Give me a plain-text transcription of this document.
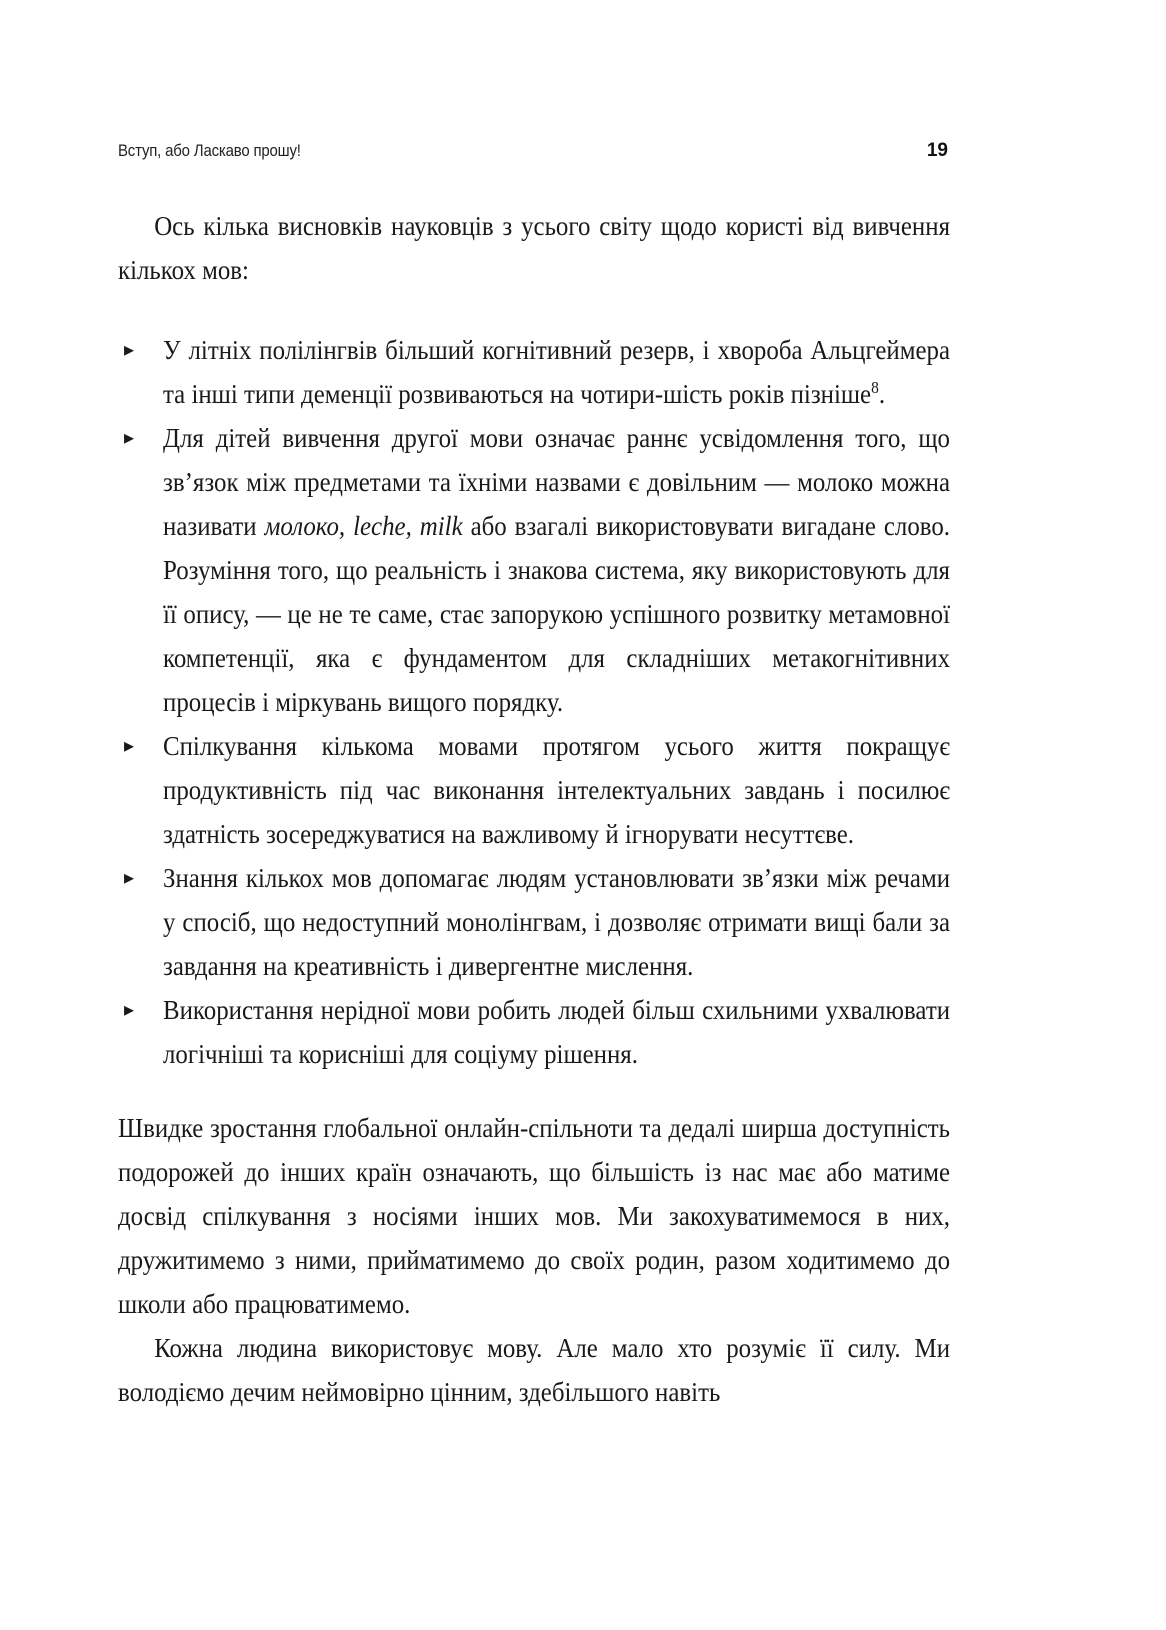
Вступ, або Ласкаво прошу!	19

Ось кілька висновків науковців з усього світу щодо користі від вивчення кількох мов:

▸ У літніх полілінгвів більший когнітивний резерв, і хвороба Альцгеймера та інші типи деменції розвиваються на чотири-шість років пізніше$^8$.
▸ Для дітей вивчення другої мови означає раннє усвідомлення того, що зв’язок між предметами та їхніми назвами є довільним — молоко можна називати молоко, leche, milk або взагалі використовувати вигадане слово. Розуміння того, що реальність і знакова система, яку використовують для її опису, — це не те саме, стає запорукою успішного розвитку метамовної компетенції, яка є фундаментом для складніших метакогнітивних процесів і міркувань вищого порядку.
▸ Спілкування кількома мовами протягом усього життя покращує продуктивність під час виконання інтелектуальних завдань і посилює здатність зосереджуватися на важливому й ігнорувати несуттєве.
▸ Знання кількох мов допомагає людям установлювати зв’язки між речами у спосіб, що недоступний монолінгвам, і дозволяє отримати вищі бали за завдання на креативність і дивергентне мислення.
▸ Використання нерідної мови робить людей більш схильними ухвалювати логічніші та корисніші для соціуму рішення.

Швидке зростання глобальної онлайн-спільноти та дедалі ширша доступність подорожей до інших країн означають, що більшість із нас має або матиме досвід спілкування з носіями інших мов. Ми закохуватимемося в них, дружитимемо з ними, прийматимемо до своїх родин, разом ходитимемо до школи або працюватимемо.

Кожна людина використовує мову. Але мало хто розуміє її силу. Ми володіємо дечим неймовірно цінним, здебільшого навіть
